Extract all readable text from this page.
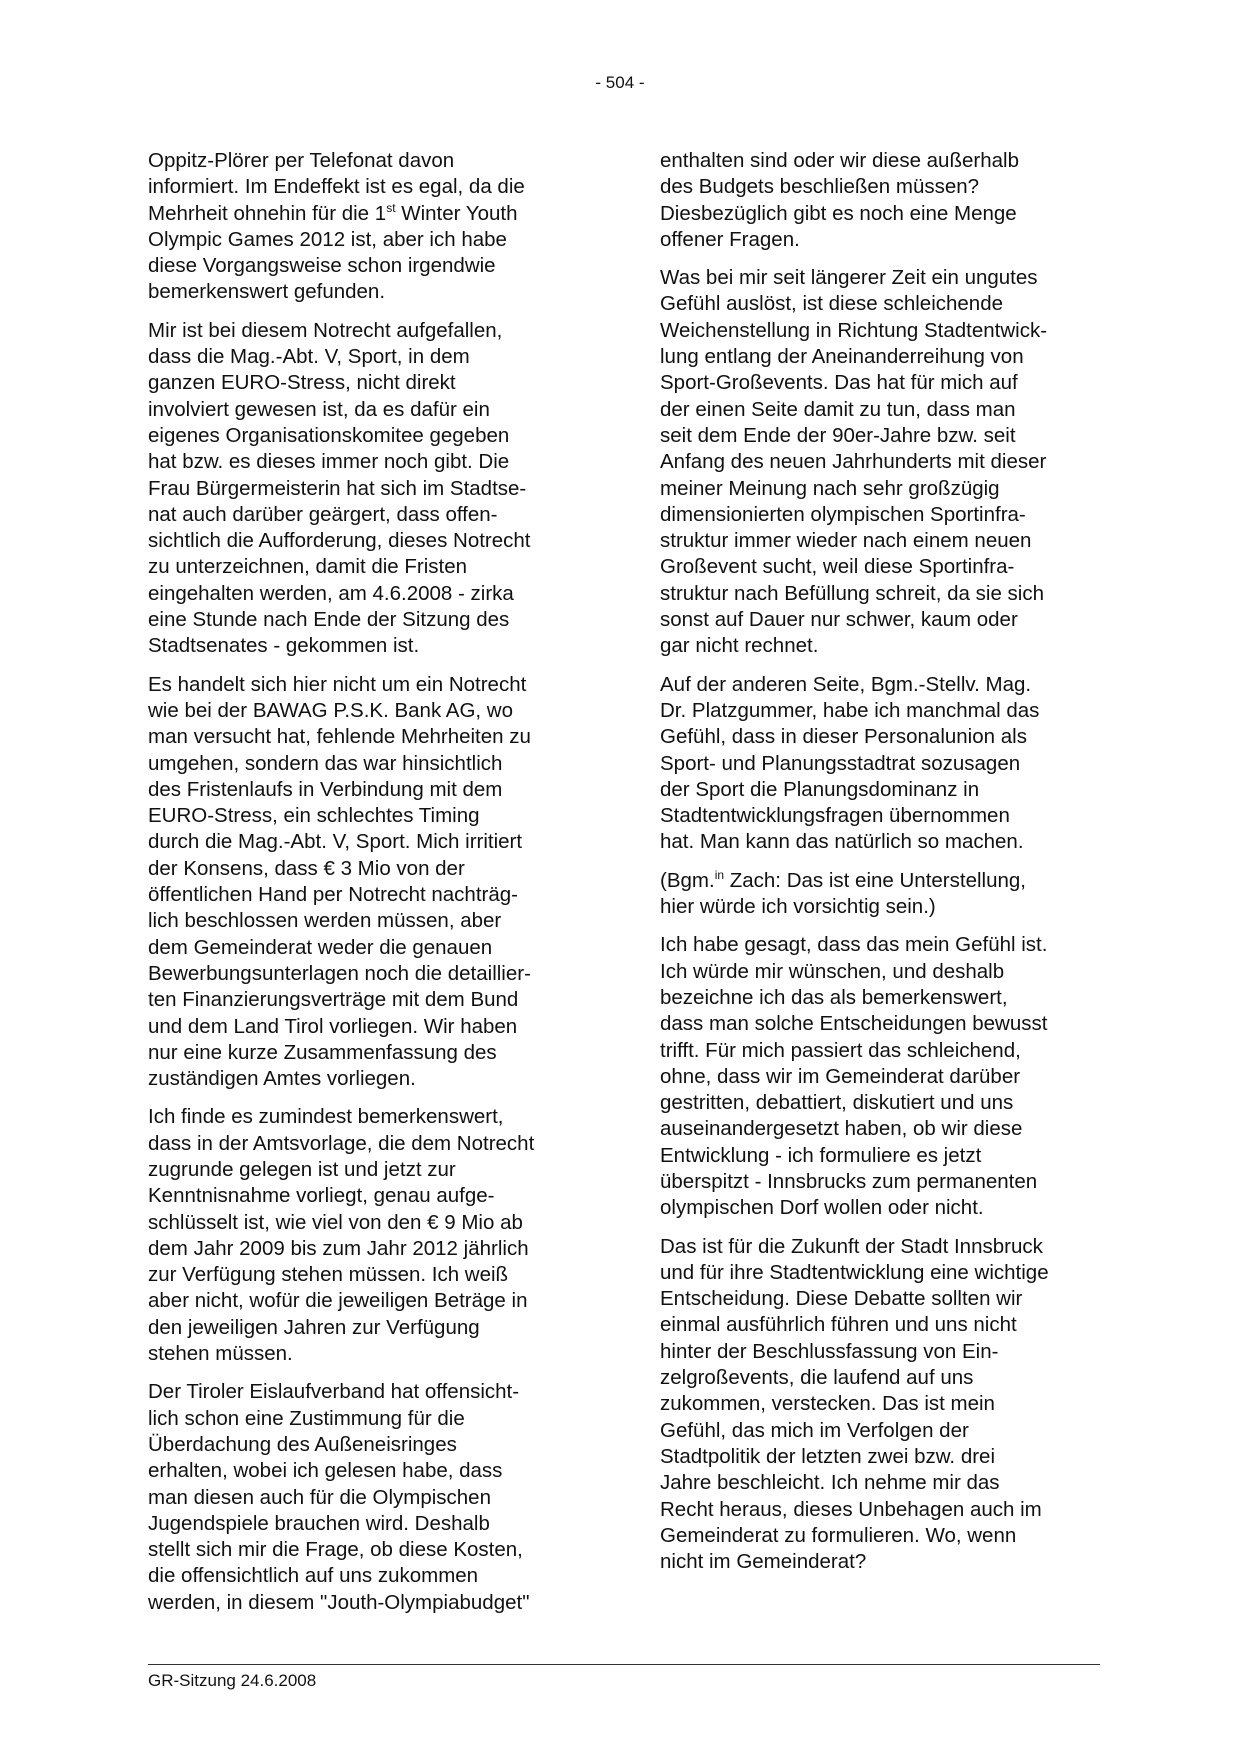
- 504 -

Oppitz-Plörer per Telefonat davon
informiert. Im Endeffekt ist es egal, da die
Mehrheit ohnehin für die 1st Winter Youth
Olympic Games 2012 ist, aber ich habe
diese Vorgangsweise schon irgendwie
bemerkenswert gefunden.

Mir ist bei diesem Notrecht aufgefallen,
dass die Mag.-Abt. V, Sport, in dem
ganzen EURO-Stress, nicht direkt
involviert gewesen ist, da es dafür ein
eigenes Organisationskomitee gegeben
hat bzw. es dieses immer noch gibt. Die
Frau Bürgermeisterin hat sich im Stadtse-
nat auch darüber geärgert, dass offen-
sichtlich die Aufforderung, dieses Notrecht
zu unterzeichnen, damit die Fristen
eingehalten werden, am 4.6.2008 - zirka
eine Stunde nach Ende der Sitzung des
Stadtsenates - gekommen ist.

Es handelt sich hier nicht um ein Notrecht
wie bei der BAWAG P.S.K. Bank AG, wo
man versucht hat, fehlende Mehrheiten zu
umgehen, sondern das war hinsichtlich
des Fristenlaufs in Verbindung mit dem
EURO-Stress, ein schlechtes Timing
durch die Mag.-Abt. V, Sport. Mich irritiert
der Konsens, dass € 3 Mio von der
öffentlichen Hand per Notrecht nachträg-
lich beschlossen werden müssen, aber
dem Gemeinderat weder die genauen
Bewerbungsunterlagen noch die detaillier-
ten Finanzierungsverträge mit dem Bund
und dem Land Tirol vorliegen. Wir haben
nur eine kurze Zusammenfassung des
zuständigen Amtes vorliegen.

Ich finde es zumindest bemerkenswert,
dass in der Amtsvorlage, die dem Notrecht
zugrunde gelegen ist und jetzt zur
Kenntnisnahme vorliegt, genau aufge-
schlüsselt ist, wie viel von den € 9 Mio ab
dem Jahr 2009 bis zum Jahr 2012 jährlich
zur Verfügung stehen müssen. Ich weiß
aber nicht, wofür die jeweiligen Beträge in
den jeweiligen Jahren zur Verfügung
stehen müssen.

Der Tiroler Eislaufverband hat offensicht-
lich schon eine Zustimmung für die
Überdachung des Außeneisringes
erhalten, wobei ich gelesen habe, dass
man diesen auch für die Olympischen
Jugendspiele brauchen wird. Deshalb
stellt sich mir die Frage, ob diese Kosten,
die offensichtlich auf uns zukommen
werden, in diesem "Jouth-Olympiabudget"

enthalten sind oder wir diese außerhalb
des Budgets beschließen müssen?
Diesbezüglich gibt es noch eine Menge
offener Fragen.

Was bei mir seit längerer Zeit ein ungutes
Gefühl auslöst, ist diese schleichende
Weichenstellung in Richtung Stadtentwick-
lung entlang der Aneinanderreihung von
Sport-Großevents. Das hat für mich auf
der einen Seite damit zu tun, dass man
seit dem Ende der 90er-Jahre bzw. seit
Anfang des neuen Jahrhunderts mit dieser
meiner Meinung nach sehr großzügig
dimensionierten olympischen Sportinfra-
struktur immer wieder nach einem neuen
Großevent sucht, weil diese Sportinfra-
struktur nach Befüllung schreit, da sie sich
sonst auf Dauer nur schwer, kaum oder
gar nicht rechnet.

Auf der anderen Seite, Bgm.-Stellv. Mag.
Dr. Platzgummer, habe ich manchmal das
Gefühl, dass in dieser Personalunion als
Sport- und Planungsstadtrat sozusagen
der Sport die Planungsdominanz in
Stadtentwicklungsfragen übernommen
hat. Man kann das natürlich so machen.

(Bgm.$^{in}$ Zach: Das ist eine Unterstellung,
hier würde ich vorsichtig sein.)

Ich habe gesagt, dass das mein Gefühl ist.
Ich würde mir wünschen, und deshalb
bezeichne ich das als bemerkenswert,
dass man solche Entscheidungen bewusst
trifft. Für mich passiert das schleichend,
ohne, dass wir im Gemeinderat darüber
gestritten, debattiert, diskutiert und uns
auseinandergesetzt haben, ob wir diese
Entwicklung - ich formuliere es jetzt
überspitzt - Innsbrucks zum permanenten
olympischen Dorf wollen oder nicht.

Das ist für die Zukunft der Stadt Innsbruck
und für ihre Stadtentwicklung eine wichtige
Entscheidung. Diese Debatte sollten wir
einmal ausführlich führen und uns nicht
hinter der Beschlussfassung von Ein-
zelgroßevents, die laufend auf uns
zukommen, verstecken. Das ist mein
Gefühl, das mich im Verfolgen der
Stadtpolitik der letzten zwei bzw. drei
Jahre beschleicht. Ich nehme mir das
Recht heraus, dieses Unbehagen auch im
Gemeinderat zu formulieren. Wo, wenn
nicht im Gemeinderat?

GR-Sitzung 24.6.2008
